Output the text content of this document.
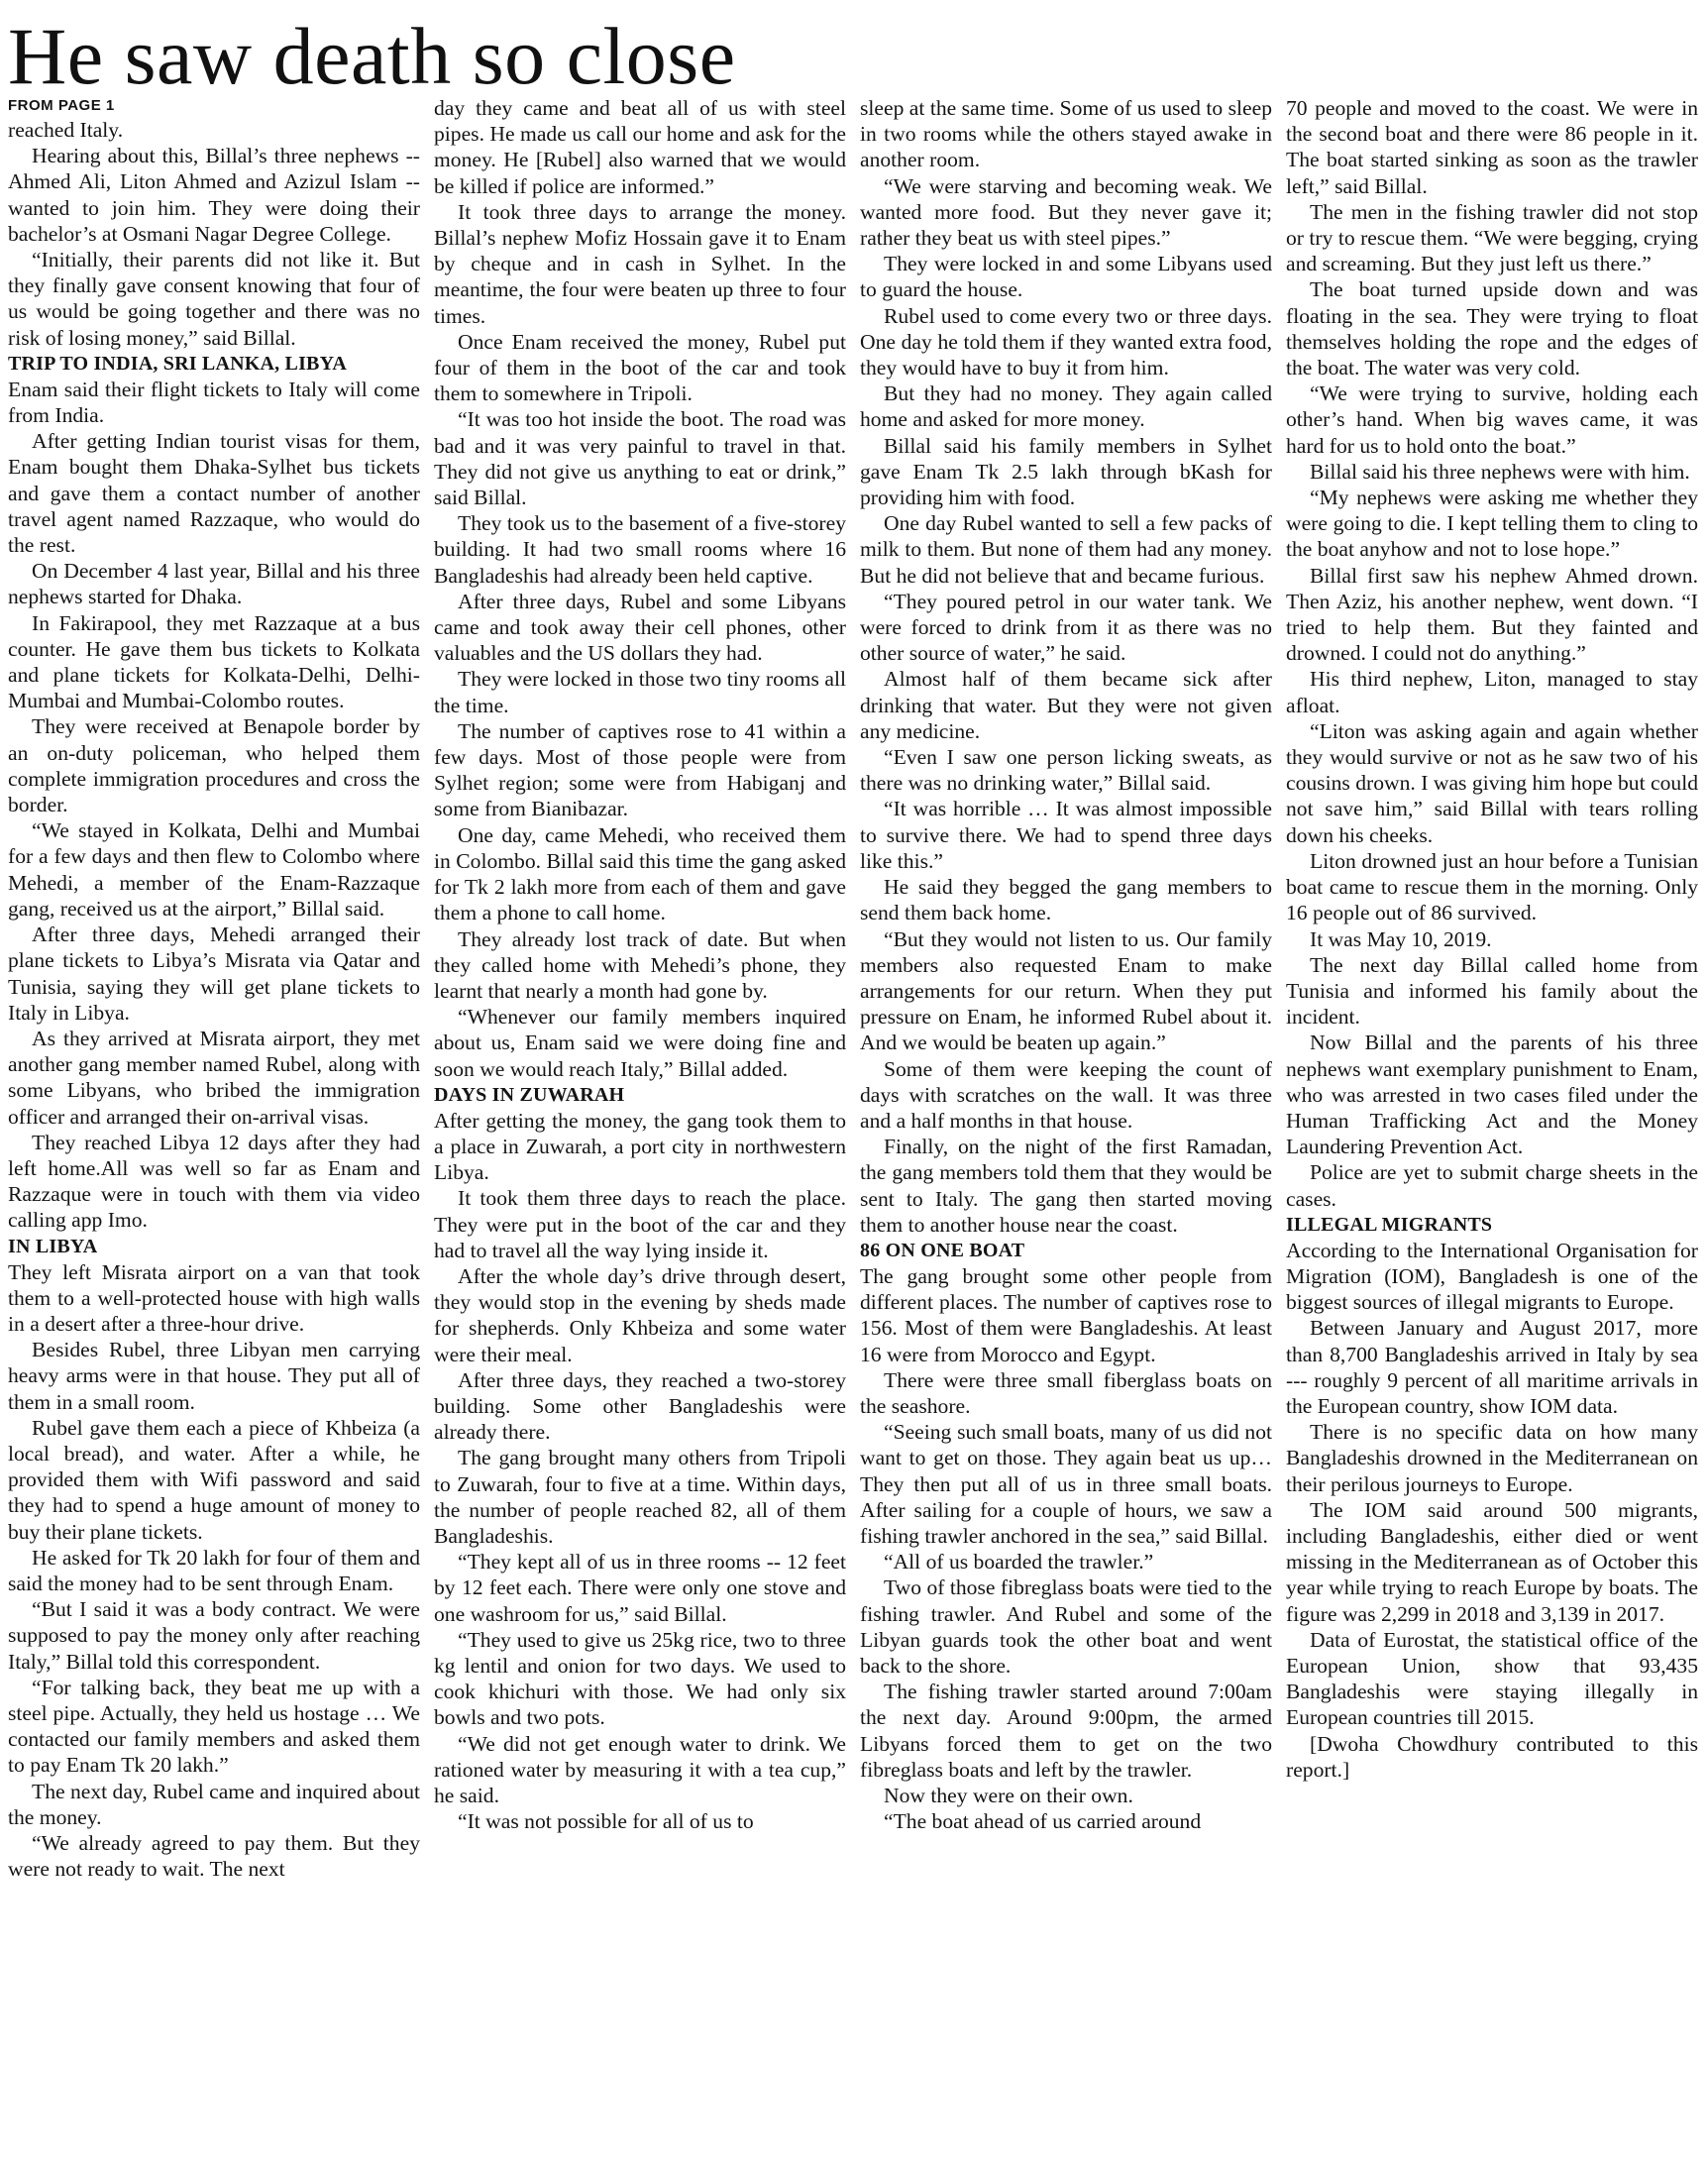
He saw death so close
FROM PAGE 1

reached Italy.

Hearing about this, Billal’s three nephews -- Ahmed Ali, Liton Ahmed and Azizul Islam -- wanted to join him. They were doing their bachelor’s at Osmani Nagar Degree College.

“Initially, their parents did not like it. But they finally gave consent knowing that four of us would be going together and there was no risk of losing money,” said Billal.

TRIP TO INDIA, SRI LANKA, LIBYA

Enam said their flight tickets to Italy will come from India.

After getting Indian tourist visas for them, Enam bought them Dhaka-Sylhet bus tickets and gave them a contact number of another travel agent named Razzaque, who would do the rest.

On December 4 last year, Billal and his three nephews started for Dhaka.

In Fakirapool, they met Razzaque at a bus counter. He gave them bus tickets to Kolkata and plane tickets for Kolkata-Delhi, Delhi-Mumbai and Mumbai-Colombo routes.

They were received at Benapole border by an on-duty policeman, who helped them complete immigration procedures and cross the border.

“We stayed in Kolkata, Delhi and Mumbai for a few days and then flew to Colombo where Mehedi, a member of the Enam-Razzaque gang, received us at the airport,” Billal said.

After three days, Mehedi arranged their plane tickets to Libya’s Misrata via Qatar and Tunisia, saying they will get plane tickets to Italy in Libya.

As they arrived at Misrata airport, they met another gang member named Rubel, along with some Libyans, who bribed the immigration officer and arranged their on-arrival visas.

They reached Libya 12 days after they had left home.All was well so far as Enam and Razzaque were in touch with them via video calling app Imo.

IN LIBYA

They left Misrata airport on a van that took them to a well-protected house with high walls in a desert after a three-hour drive.

Besides Rubel, three Libyan men carrying heavy arms were in that house. They put all of them in a small room.

Rubel gave them each a piece of Khbeiza (a local bread), and water. After a while, he provided them with Wifi password and said they had to spend a huge amount of money to buy their plane tickets.

He asked for Tk 20 lakh for four of them and said the money had to be sent through Enam.

“But I said it was a body contract. We were supposed to pay the money only after reaching Italy,” Billal told this correspondent.

“For talking back, they beat me up with a steel pipe. Actually, they held us hostage … We contacted our family members and asked them to pay Enam Tk 20 lakh.”

The next day, Rubel came and inquired about the money.

“We already agreed to pay them. But they were not ready to wait. The next

day they came and beat all of us with steel pipes. He made us call our home and ask for the money. He [Rubel] also warned that we would be killed if police are informed.”

It took three days to arrange the money. Billal’s nephew Mofiz Hossain gave it to Enam by cheque and in cash in Sylhet. In the meantime, the four were beaten up three to four times.

Once Enam received the money, Rubel put four of them in the boot of the car and took them to somewhere in Tripoli.

“It was too hot inside the boot. The road was bad and it was very painful to travel in that. They did not give us anything to eat or drink,” said Billal.

They took us to the basement of a five-storey building. It had two small rooms where 16 Bangladeshis had already been held captive.

After three days, Rubel and some Libyans came and took away their cell phones, other valuables and the US dollars they had.

They were locked in those two tiny rooms all the time.

The number of captives rose to 41 within a few days. Most of those people were from Sylhet region; some were from Habiganj and some from Bianibazar.

One day, came Mehedi, who received them in Colombo. Billal said this time the gang asked for Tk 2 lakh more from each of them and gave them a phone to call home.

They already lost track of date. But when they called home with Mehedi’s phone, they learnt that nearly a month had gone by.

“Whenever our family members inquired about us, Enam said we were doing fine and soon we would reach Italy,” Billal added.

DAYS IN ZUWARAH

After getting the money, the gang took them to a place in Zuwarah, a port city in northwestern Libya.

It took them three days to reach the place. They were put in the boot of the car and they had to travel all the way lying inside it.

After the whole day’s drive through desert, they would stop in the evening by sheds made for shepherds. Only Khbeiza and some water were their meal.

After three days, they reached a two-storey building. Some other Bangladeshis were already there.

The gang brought many others from Tripoli to Zuwarah, four to five at a time. Within days, the number of people reached 82, all of them Bangladeshis.

“They kept all of us in three rooms -- 12 feet by 12 feet each. There were only one stove and one washroom for us,” said Billal.

“They used to give us 25kg rice, two to three kg lentil and onion for two days. We used to cook khichuri with those. We had only six bowls and two pots.

“We did not get enough water to drink. We rationed water by measuring it with a tea cup,” he said.

“It was not possible for all of us to

sleep at the same time. Some of us used to sleep in two rooms while the others stayed awake in another room.

“We were starving and becoming weak. We wanted more food. But they never gave it; rather they beat us with steel pipes.”

They were locked in and some Libyans used to guard the house.

Rubel used to come every two or three days. One day he told them if they wanted extra food, they would have to buy it from him.

But they had no money. They again called home and asked for more money.

Billal said his family members in Sylhet gave Enam Tk 2.5 lakh through bKash for providing him with food.

One day Rubel wanted to sell a few packs of milk to them. But none of them had any money. But he did not believe that and became furious.

“They poured petrol in our water tank. We were forced to drink from it as there was no other source of water,” he said.

Almost half of them became sick after drinking that water. But they were not given any medicine.

“Even I saw one person licking sweats, as there was no drinking water,” Billal said.

“It was horrible … It was almost impossible to survive there. We had to spend three days like this.”

He said they begged the gang members to send them back home.

“But they would not listen to us. Our family members also requested Enam to make arrangements for our return. When they put pressure on Enam, he informed Rubel about it. And we would be beaten up again.”

Some of them were keeping the count of days with scratches on the wall. It was three and a half months in that house.

Finally, on the night of the first Ramadan, the gang members told them that they would be sent to Italy. The gang then started moving them to another house near the coast.

86 ON ONE BOAT

The gang brought some other people from different places. The number of captives rose to 156. Most of them were Bangladeshis. At least 16 were from Morocco and Egypt.

There were three small fiberglass boats on the seashore.

“Seeing such small boats, many of us did not want to get on those. They again beat us up… They then put all of us in three small boats. After sailing for a couple of hours, we saw a fishing trawler anchored in the sea,” said Billal.

“All of us boarded the trawler.”

Two of those fibreglass boats were tied to the fishing trawler. And Rubel and some of the Libyan guards took the other boat and went back to the shore.

The fishing trawler started around 7:00am the next day. Around 9:00pm, the armed Libyans forced them to get on the two fibreglass boats and left by the trawler.

Now they were on their own.

“The boat ahead of us carried around

70 people and moved to the coast. We were in the second boat and there were 86 people in it. The boat started sinking as soon as the trawler left,” said Billal.

The men in the fishing trawler did not stop or try to rescue them. “We were begging, crying and screaming. But they just left us there.”

The boat turned upside down and was floating in the sea. They were trying to float themselves holding the rope and the edges of the boat. The water was very cold.

“We were trying to survive, holding each other’s hand. When big waves came, it was hard for us to hold onto the boat.”

Billal said his three nephews were with him.

“My nephews were asking me whether they were going to die. I kept telling them to cling to the boat anyhow and not to lose hope.”

Billal first saw his nephew Ahmed drown. Then Aziz, his another nephew, went down. “I tried to help them. But they fainted and drowned. I could not do anything.”

His third nephew, Liton, managed to stay afloat.

“Liton was asking again and again whether they would survive or not as he saw two of his cousins drown. I was giving him hope but could not save him,” said Billal with tears rolling down his cheeks.

Liton drowned just an hour before a Tunisian boat came to rescue them in the morning. Only 16 people out of 86 survived.

It was May 10, 2019.

The next day Billal called home from Tunisia and informed his family about the incident.

Now Billal and the parents of his three nephews want exemplary punishment to Enam, who was arrested in two cases filed under the Human Trafficking Act and the Money Laundering Prevention Act.

Police are yet to submit charge sheets in the cases.

ILLEGAL MIGRANTS

According to the International Organisation for Migration (IOM), Bangladesh is one of the biggest sources of illegal migrants to Europe.

Between January and August 2017, more than 8,700 Bangladeshis arrived in Italy by sea --- roughly 9 percent of all maritime arrivals in the European country, show IOM data.

There is no specific data on how many Bangladeshis drowned in the Mediterranean on their perilous journeys to Europe.

The IOM said around 500 migrants, including Bangladeshis, either died or went missing in the Mediterranean as of October this year while trying to reach Europe by boats. The figure was 2,299 in 2018 and 3,139 in 2017.

Data of Eurostat, the statistical office of the European Union, show that 93,435 Bangladeshis were staying illegally in European countries till 2015.

[Dwoha Chowdhury contributed to this report.]
